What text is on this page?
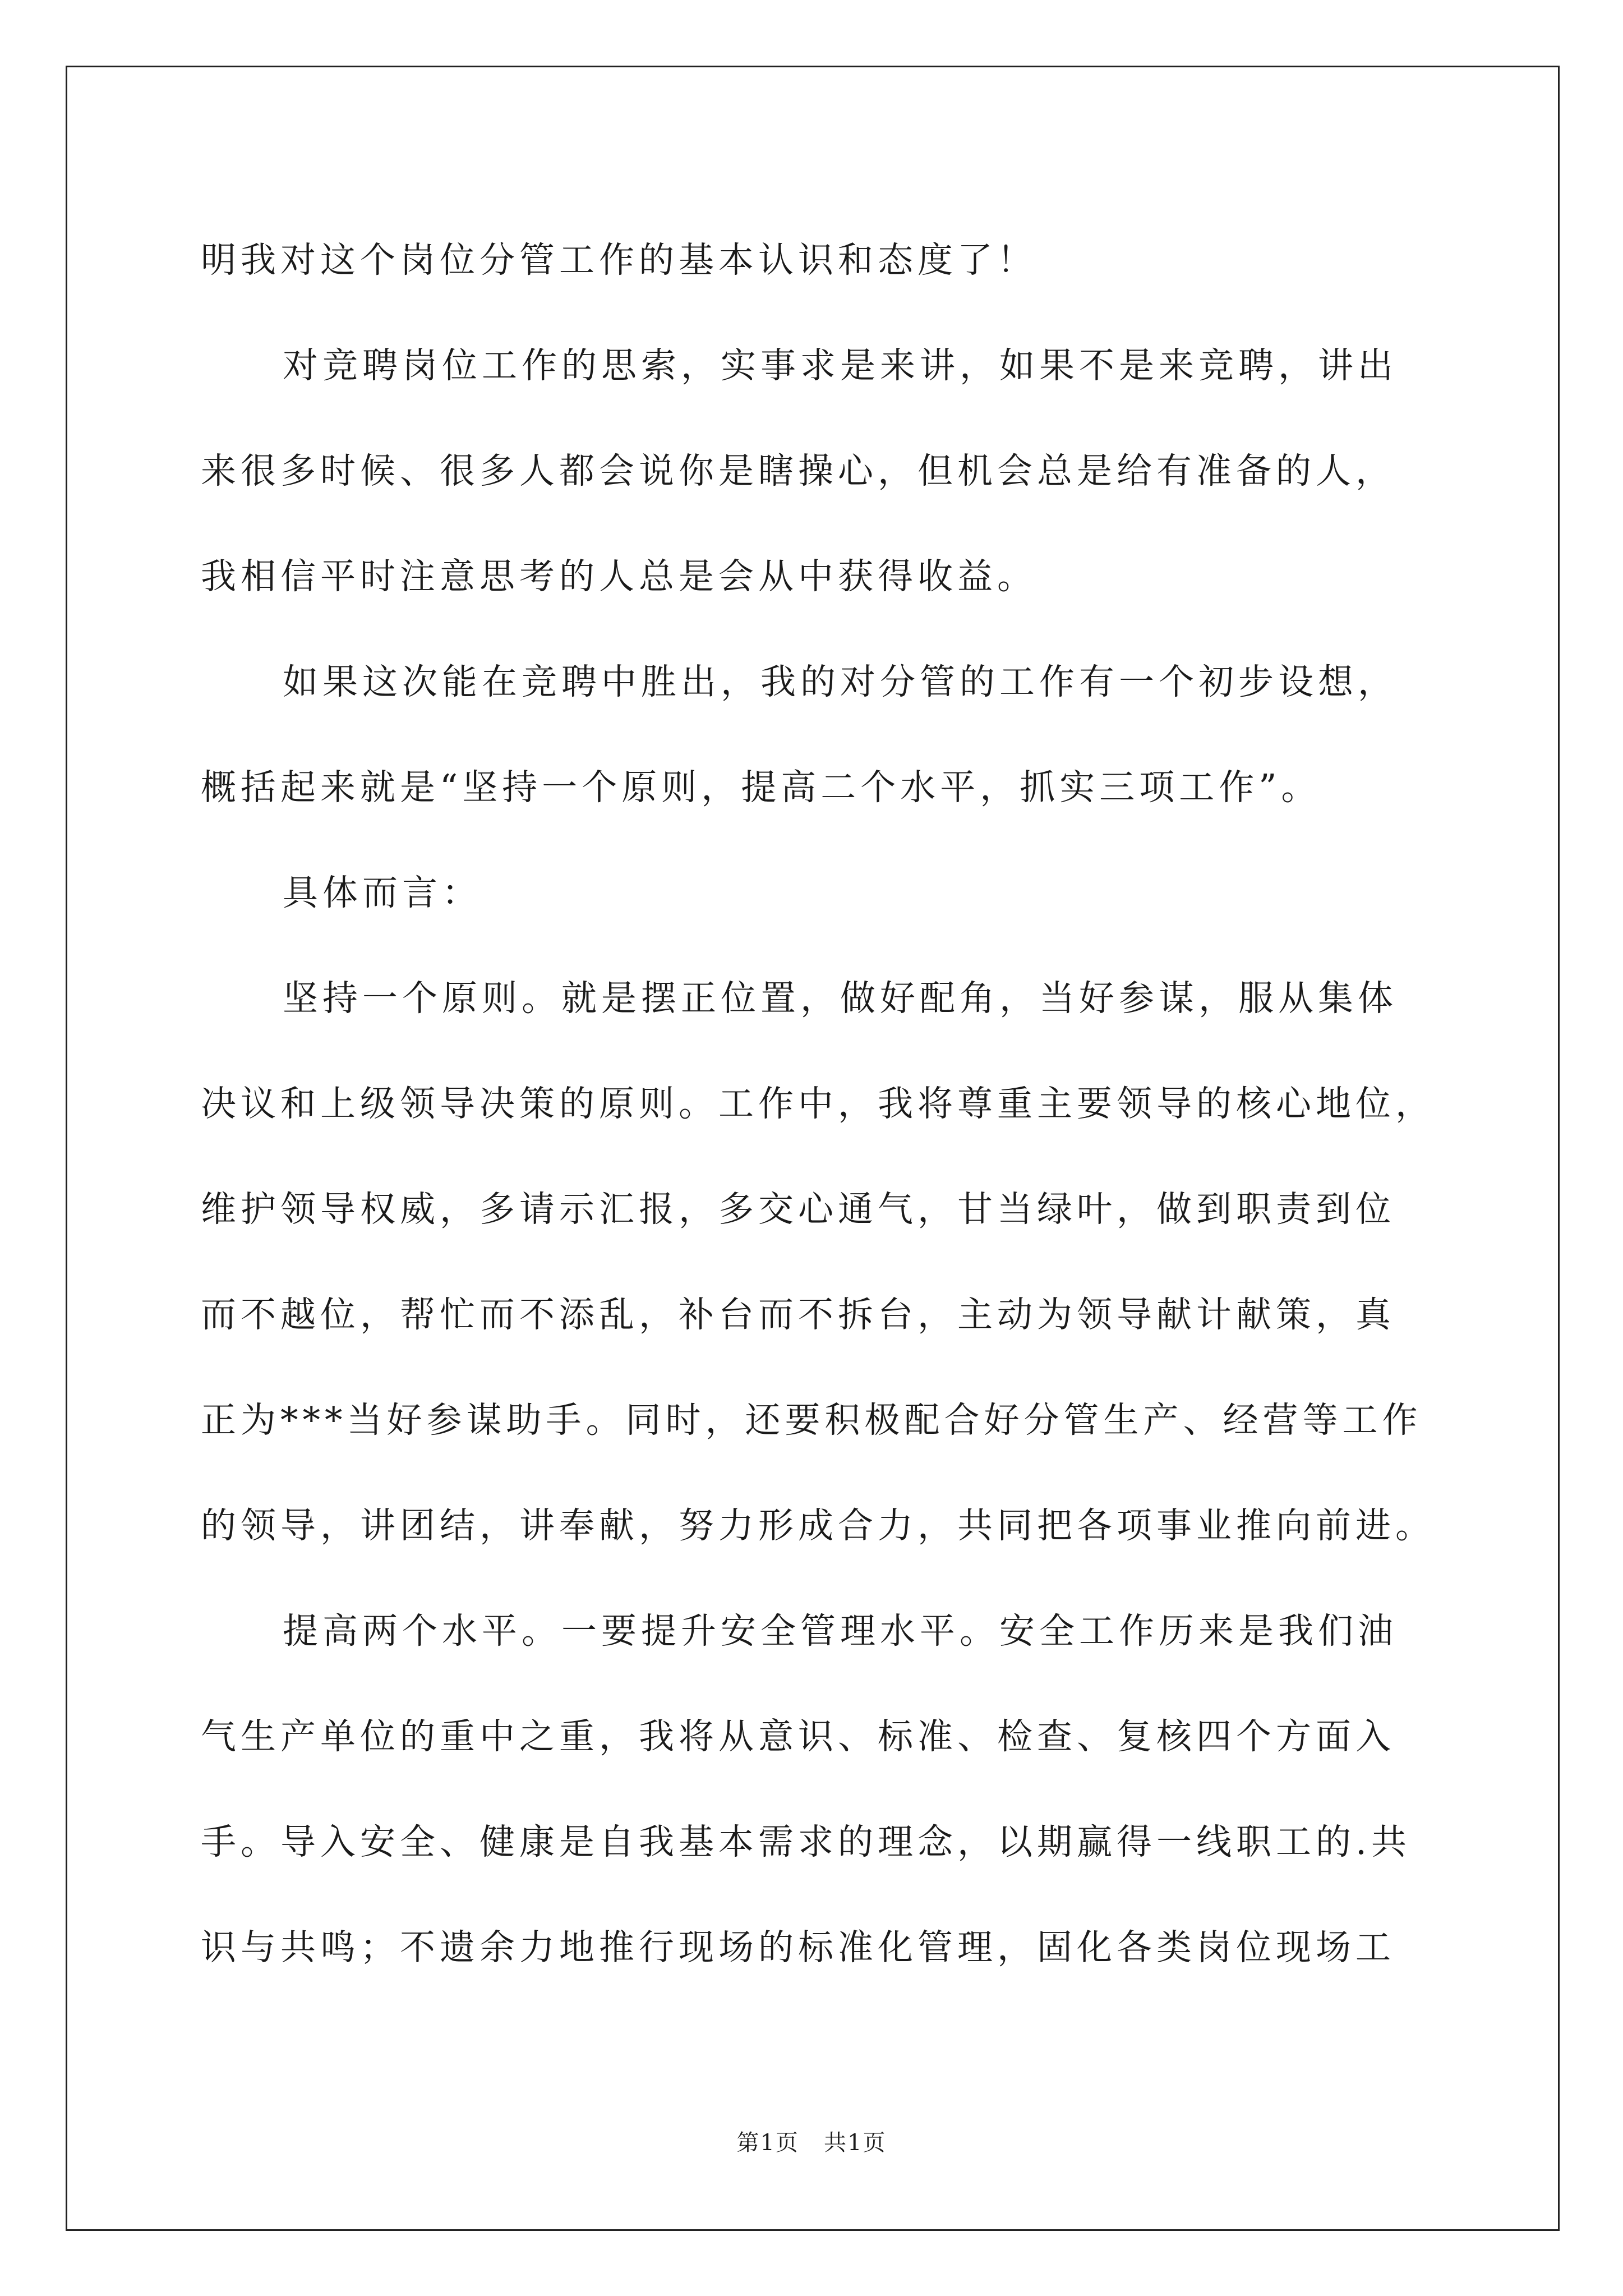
明我对这个岗位分管工作的基本认识和态度了！

对竞聘岗位工作的思索，实事求是来讲，如果不是来竞聘，讲出

来很多时候、很多人都会说你是瞎操心，但机会总是给有准备的人，

我相信平时注意思考的人总是会从中获得收益。

如果这次能在竞聘中胜出，我的对分管的工作有一个初步设想，

概括起来就是“坚持一个原则，提高二个水平，抓实三项工作”。

具体而言：

坚持一个原则。就是摆正位置，做好配角，当好参谋，服从集体

决议和上级领导决策的原则。工作中，我将尊重主要领导的核心地位，

维护领导权威，多请示汇报，多交心通气，甘当绿叶，做到职责到位

而不越位，帮忙而不添乱，补台而不拆台，主动为领导献计献策，真

正为***当好参谋助手。同时，还要积极配合好分管生产、经营等工作

的领导，讲团结，讲奉献，努力形成合力，共同把各项事业推向前进。

提高两个水平。一要提升安全管理水平。安全工作历来是我们油

气生产单位的重中之重，我将从意识、标准、检查、复核四个方面入

手。导入安全、健康是自我基本需求的理念，以期赢得一线职工的.共

识与共鸣；不遗余力地推行现场的标准化管理，固化各类岗位现场工

第1页   共1页
